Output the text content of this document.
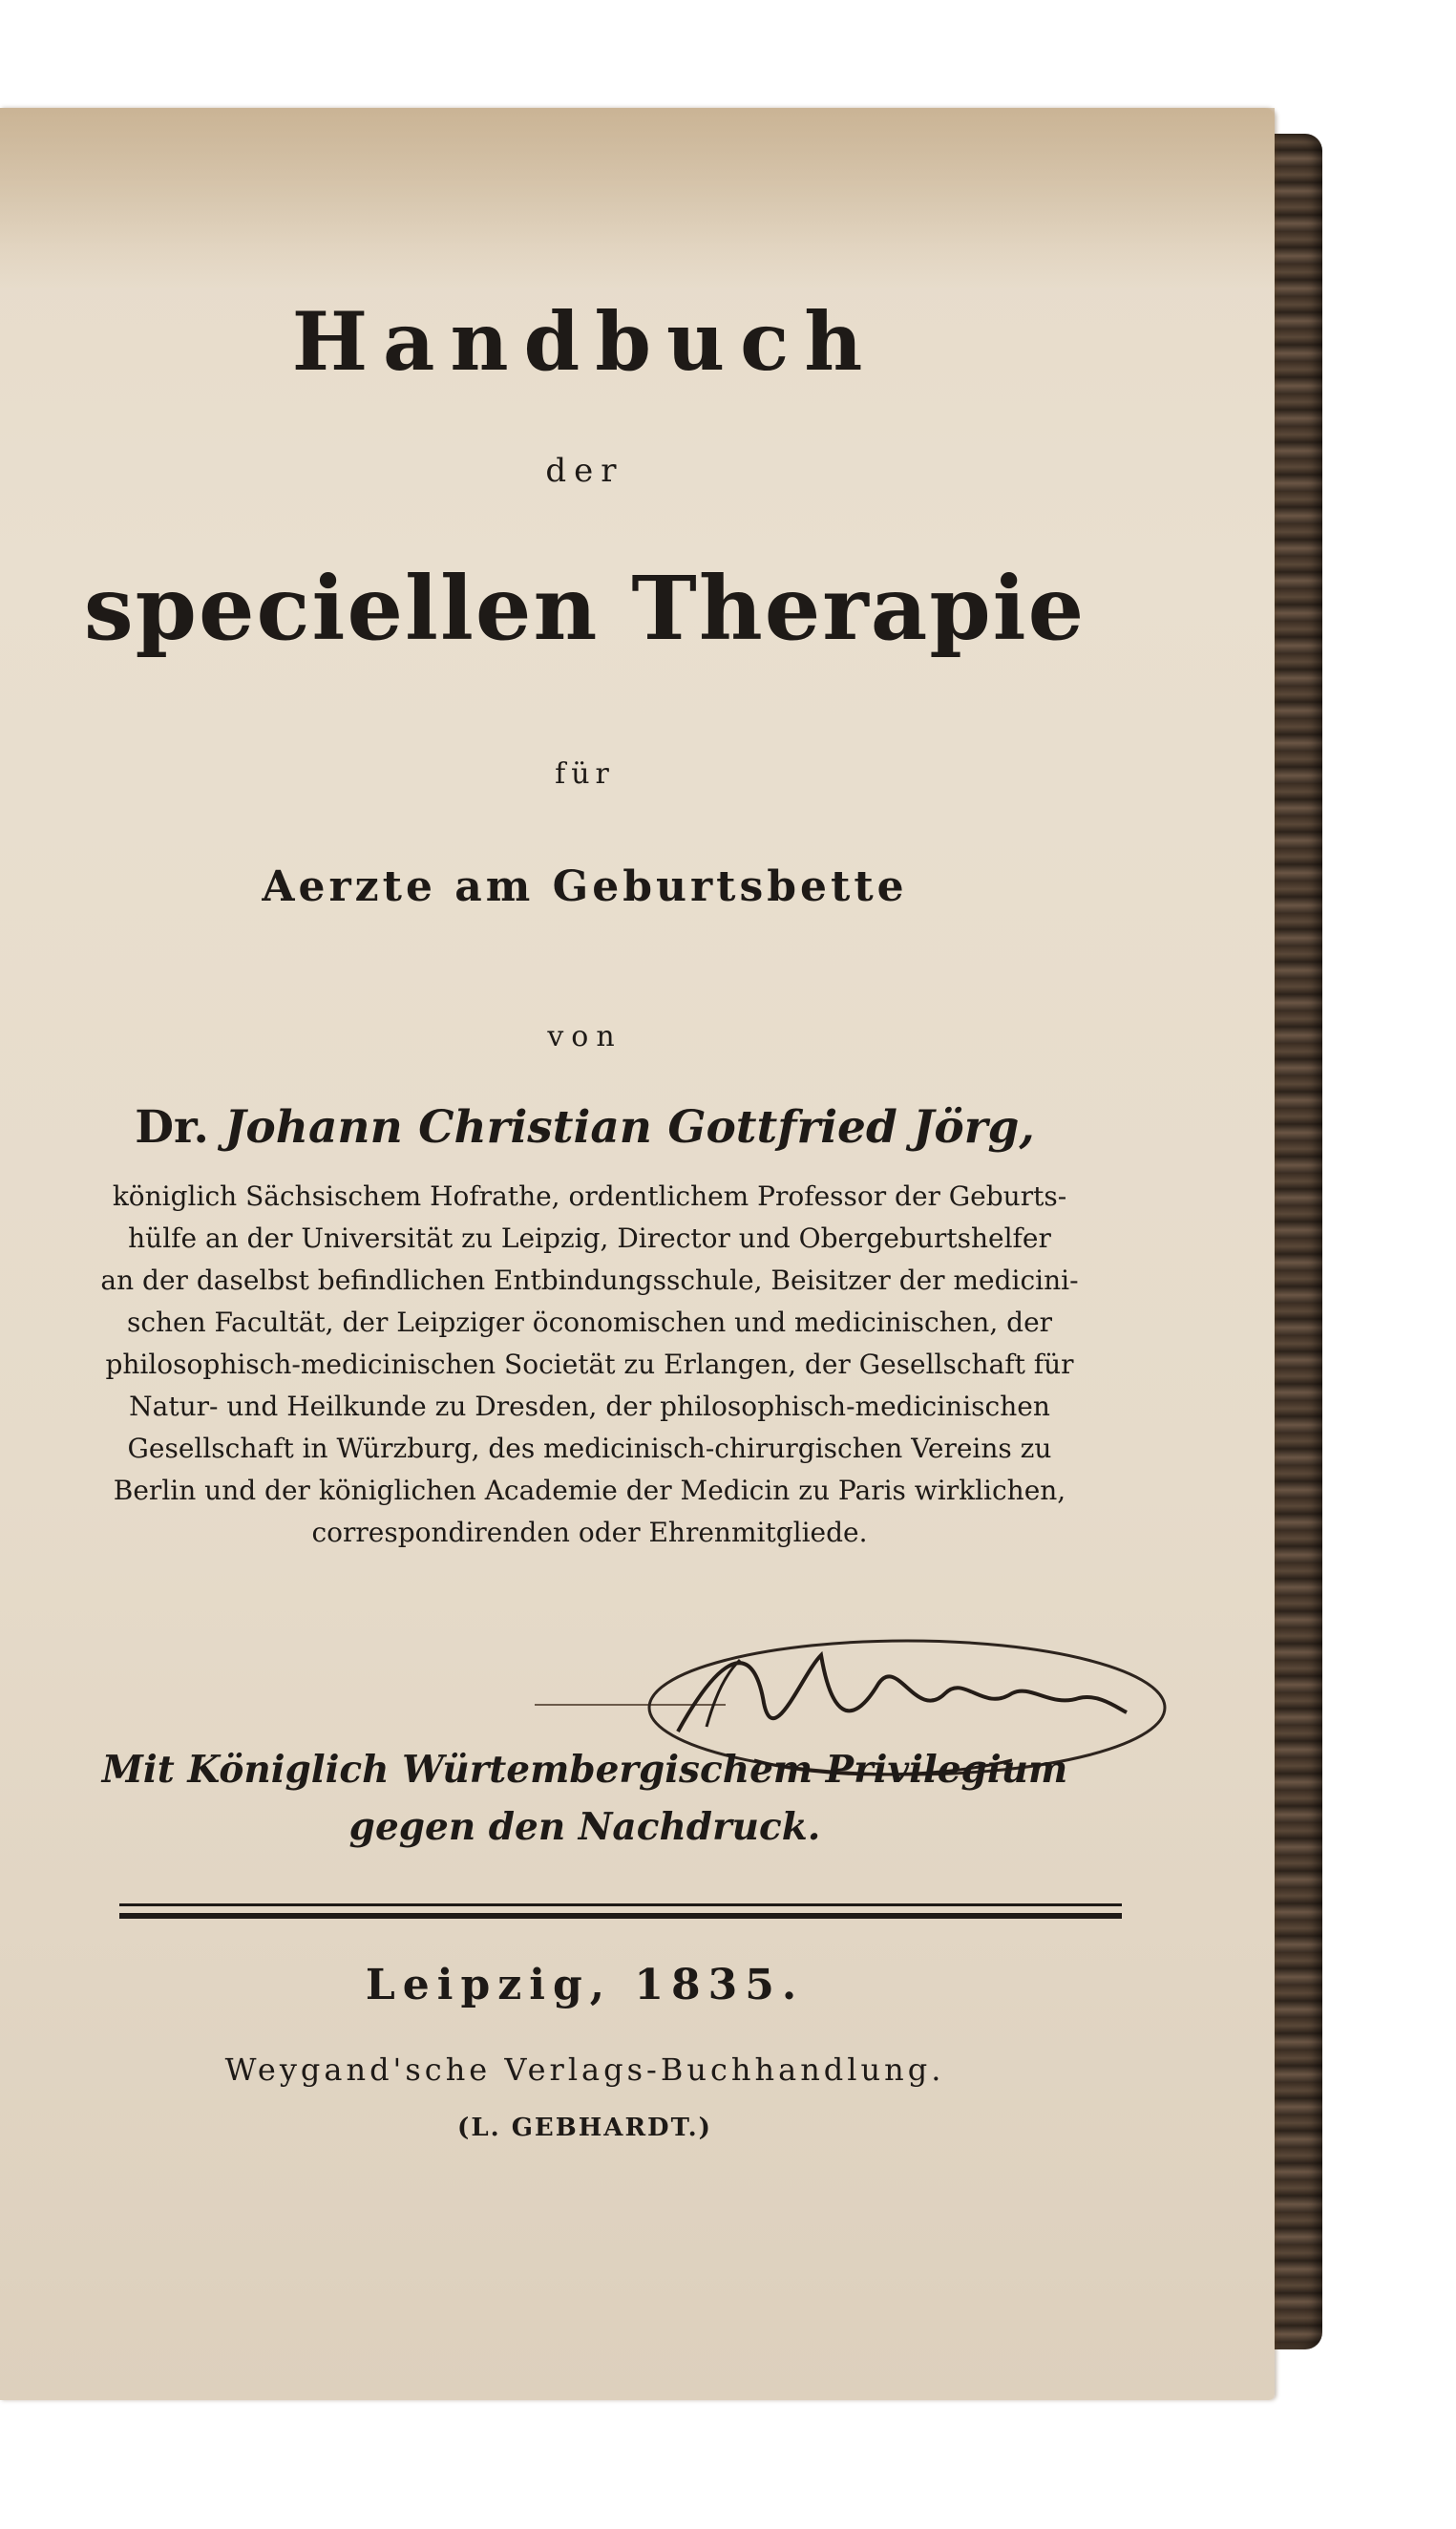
Handbuch
der
speciellen Therapie
für
Aerzte am Geburtsbette
von
Dr. Johann Christian Gottfried Jörg,
königlich Sächsischem Hofrathe, ordentlichem Professor der Geburts-
hülfe an der Universität zu Leipzig, Director und Obergeburtshelfer
an der daselbst befindlichen Entbindungsschule, Beisitzer der medicini-
schen Facultät, der Leipziger öconomischen und medicinischen, der
philosophisch-medicinischen Societät zu Erlangen, der Gesellschaft für
Natur- und Heilkunde zu Dresden, der philosophisch-medicinischen
Gesellschaft in Würzburg, des medicinisch-chirurgischen Vereins zu
Berlin und der königlichen Academie der Medicin zu Paris wirklichen,
correspondirenden oder Ehrenmitgliede.
Mit Königlich Würtembergischem Privilegium
gegen den Nachdruck.
Leipzig, 1835.
Weygand'sche Verlags-Buchhandlung.
(L. GEBHARDT.)
